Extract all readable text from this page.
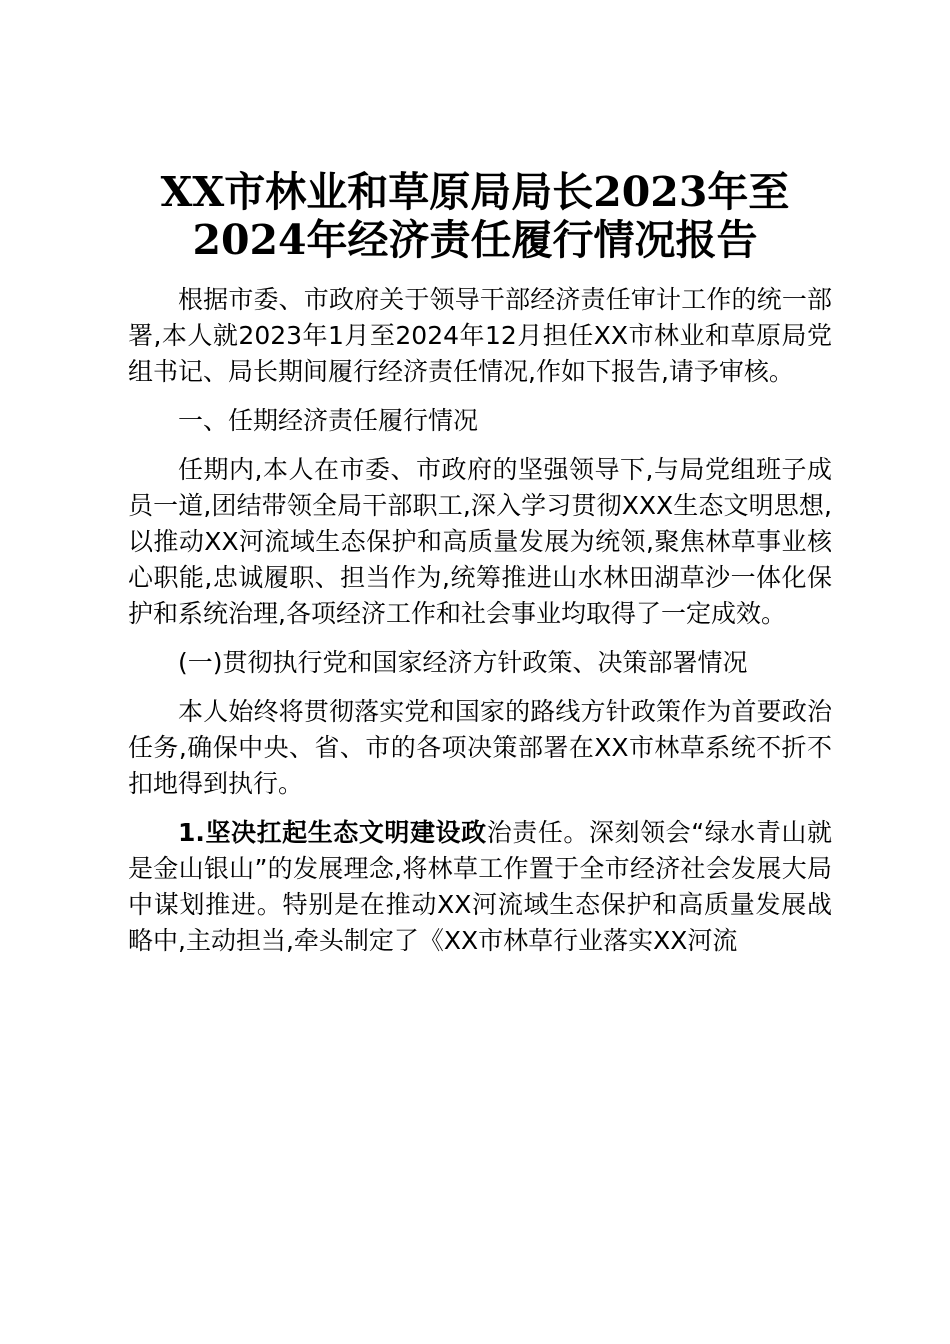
XX市林业和草原局局长2023年至2024年经济责任履行情况报告

根据市委、市政府关于领导干部经济责任审计工作的统一部署,本人就2023年1月至2024年12月担任XX市林业和草原局党组书记、局长期间履行经济责任情况,作如下报告,请予审核。

一、任期经济责任履行情况

任期内,本人在市委、市政府的坚强领导下,与局党组班子成员一道,团结带领全局干部职工,深入学习贯彻XXX生态文明思想,以推动XX河流域生态保护和高质量发展为统领,聚焦林草事业核心职能,忠诚履职、担当作为,统筹推进山水林田湖草沙一体化保护和系统治理,各项经济工作和社会事业均取得了一定成效。

(一)贯彻执行党和国家经济方针政策、决策部署情况

本人始终将贯彻落实党和国家的路线方针政策作为首要政治任务,确保中央、省、市的各项决策部署在XX市林草系统不折不扣地得到执行。

1.坚决扛起生态文明建设政治责任。深刻领会“绿水青山就是金山银山”的发展理念,将林草工作置于全市经济社会发展大局中谋划推进。特别是在推动XX河流域生态保护和高质量发展战略中,主动担当,牵头制定了《XX市林草行业落实XX河流
